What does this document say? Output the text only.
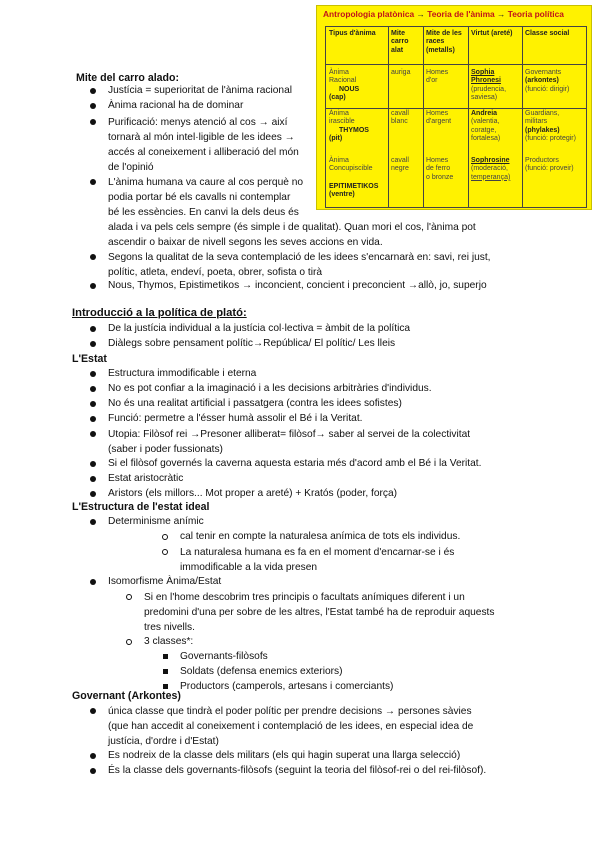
Antropologia platònica → Teoria de l'ànima → Teoria política
Tipus d'ànima Mite carro alat
Mite de les races (metalls)
Virtut (areté)	Classe social
Ànima
Racional
NOUS
(cap)
auriga Homes
d'or
Sophia
Phronesi
(prudencia,
saviesa)
Governants
(arkontes)
(funció: dirigir)
Ànima
irascible
THYMOS
(pit)
cavall
blanc
Homes
d'argent
Andreia
(valentia,
coratge,
fortalesa)
Guardians,
militars
(phylakes)
(funció: protegir)
Ànima
Concupiscible
EPITIMETIKOS
(ventre)
cavall
negre
Homes
de ferro
o bronze
Sophrosine
(moderació,
temperança)
Productors
(funció: proveir)
Mite del carro alado:
Justícia = superioritat de l'ànima racional
Ànima racional ha de dominar
Purificació: menys atenció al cos → així
tornarà al món intel·ligible de les idees →
accés al coneixement i alliberació del món
de l'opinió
L'ànima humana va caure al cos perquè no
podia portar bé els cavalls ni contemplar
bé les essències. En canvi la dels deus és
alada i va pels cels sempre (és simple i de qualitat). Quan mori el cos, l'ànima pot
ascendir o baixar de nivell segons les seves accions en vida.
Segons la qualitat de la seva contemplació de les idees s'encarnarà en: savi, rei just,
polític, atleta, endeví, poeta, obrer, sofista o tirà
Nous, Thymos, Epistimetikos → inconcient, concient i preconcient →allò, jo, superjo
Introducció a la política de plató:
De la justícia individual a la justícia col·lectiva = àmbit de la política
Diàlegs sobre pensament polític→República/ El polític/ Les lleis
L'Estat
Estructura immodificable i eterna
No es pot confiar a la imaginació i a les decisions arbitràries d'individus.
No és una realitat artificial i passatgera (contra les idees sofistes)
Funció: permetre a l'ésser humà assolir el Bé i la Veritat.
Utopia: Filòsof rei →Presoner alliberat= filòsof→ saber al servei de la colectivitat
(saber i poder fussionats)
Si el filòsof governés la caverna aquesta estaria més d'acord amb el Bé i la Veritat.
Estat aristocràtic
Aristors (els millors... Mot proper a areté) + Kratós (poder, força)
L'Estructura de l'estat ideal
Determinisme anímic
cal tenir en compte la naturalesa anímica de tots els individus.
La naturalesa humana es fa en el moment d'encarnar-se i és
immodificable a la vida presen
Isomorfisme Ànima/Estat
Si en l'home descobrim tres principis o facultats anímiques diferent i un
predomini d'una per sobre de les altres, l'Estat també ha de reproduir aquests
tres nivells.
3 classes*:
Governants-filòsofs
Soldats (defensa enemics exteriors)
Productors (camperols, artesans i comerciants)
Governant (Arkontes)
única classe que tindrà el poder polític per prendre decisions → persones sàvies
(que han accedit al coneixement i contemplació de les idees, en especial idea de
justícia, d'ordre i d'Estat)
Es nodreix de la classe dels militars (els qui hagin superat una llarga selecció)
És la classe dels governants-filòsofs (seguint la teoria del filòsof-rei o del rei-filòsof).
